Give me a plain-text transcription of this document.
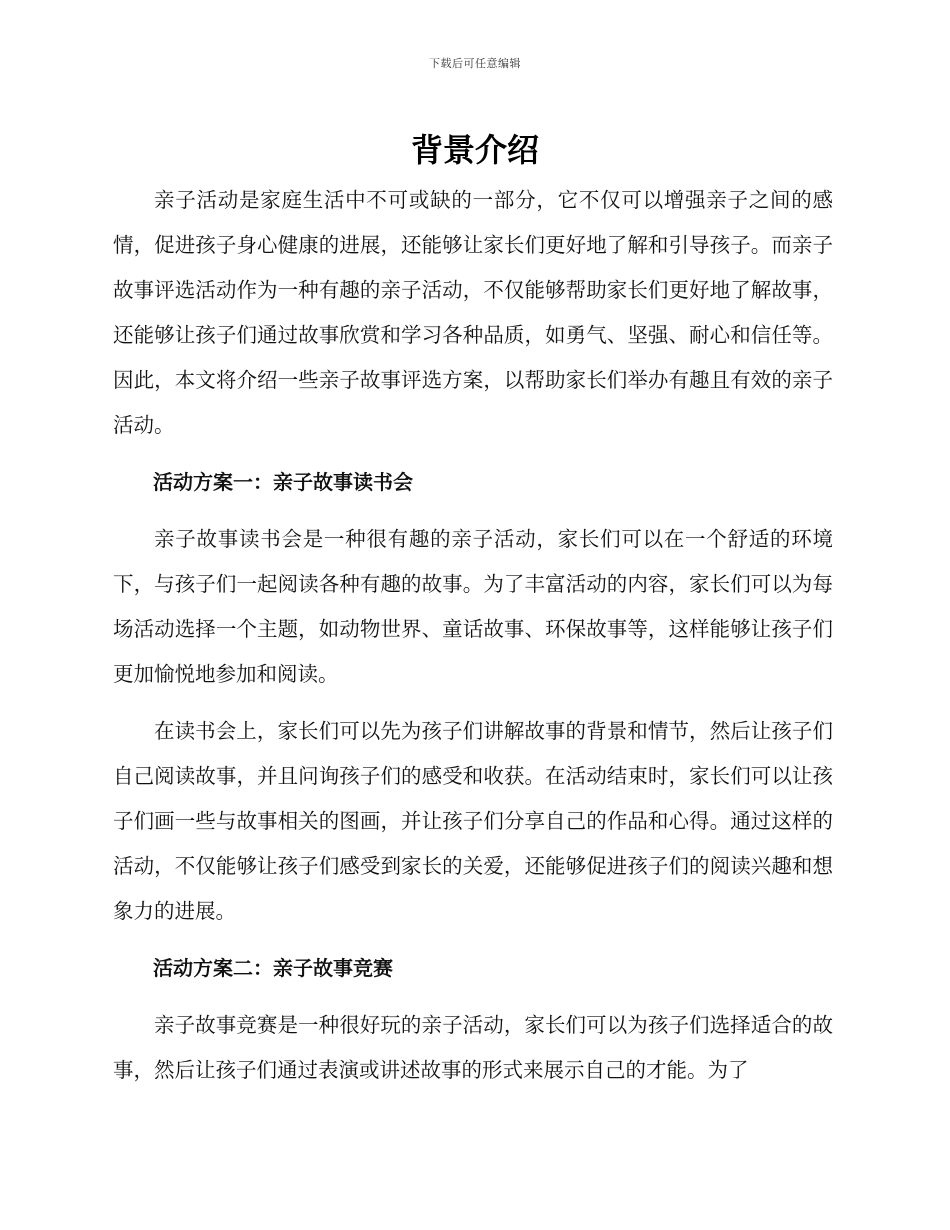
下载后可任意编辑
背景介绍

亲子活动是家庭生活中不可或缺的一部分，它不仅可以增强亲子之间的感情，促进孩子身心健康的进展，还能够让家长们更好地了解和引导孩子。而亲子故事评选活动作为一种有趣的亲子活动，不仅能够帮助家长们更好地了解故事，还能够让孩子们通过故事欣赏和学习各种品质，如勇气、坚强、耐心和信任等。因此，本文将介绍一些亲子故事评选方案，以帮助家长们举办有趣且有效的亲子活动。

活动方案一：亲子故事读书会

亲子故事读书会是一种很有趣的亲子活动，家长们可以在一个舒适的环境下，与孩子们一起阅读各种有趣的故事。为了丰富活动的内容，家长们可以为每场活动选择一个主题，如动物世界、童话故事、环保故事等，这样能够让孩子们更加愉悦地参加和阅读。

在读书会上，家长们可以先为孩子们讲解故事的背景和情节，然后让孩子们自己阅读故事，并且问询孩子们的感受和收获。在活动结束时，家长们可以让孩子们画一些与故事相关的图画，并让孩子们分享自己的作品和心得。通过这样的活动，不仅能够让孩子们感受到家长的关爱，还能够促进孩子们的阅读兴趣和想象力的进展。

活动方案二：亲子故事竞赛

亲子故事竞赛是一种很好玩的亲子活动，家长们可以为孩子们选择适合的故事，然后让孩子们通过表演或讲述故事的形式来展示自己的才能。为了
